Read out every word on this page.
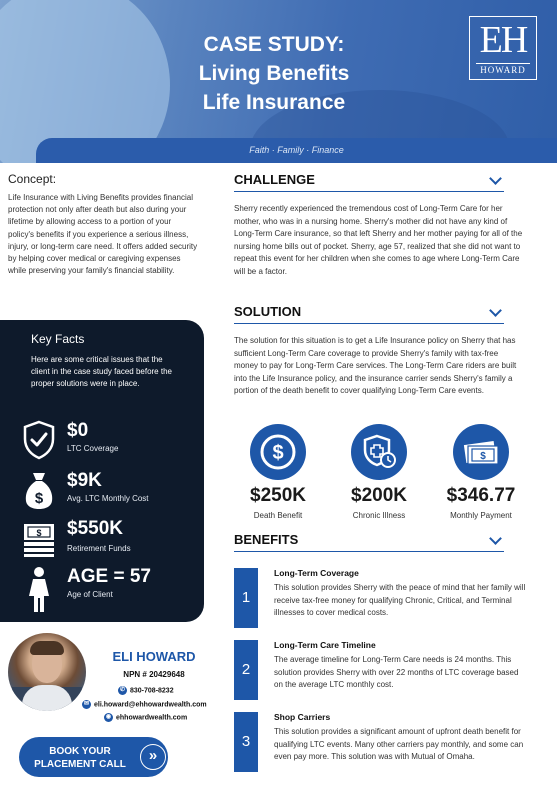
CASE STUDY:
Living Benefits
Life Insurance
EH
HOWARD
Faith · Family · Finance
Concept:
Life Insurance with Living Benefits provides financial protection not only after death but also during your lifetime by allowing access to a portion of your policy's benefits if you experience a serious illness, injury, or long-term care need. It offers added security by helping cover medical or caregiving expenses while preserving your family's financial stability.
Key Facts
Here are some critical issues that the client in the case study faced before the proper solutions were in place.
$0
LTC Coverage
$
$9K
Avg. LTC Monthly Cost
$ $550K
Retirement Funds
AGE = 57
Age of Client
ELI HOWARD
NPN # 20429648
✆ 830-708-8232
✉ eli.howard@ehhowardwealth.com
◉ ehhowardwealth.com
BOOK YOUR
PLACEMENT CALL
»
CHALLENGE
Sherry recently experienced the tremendous cost of Long-Term Care for her mother, who was in a nursing home. Sherry's mother did not have any kind of Long-Term Care insurance, so that left Sherry and her mother paying for all of the nursing home bills out of pocket. Sherry, age 57, realized that she did not want to repeat this event for her children when she comes to age where Long-Term Care will be a factor.
SOLUTION
The solution for this situation is to get a Life Insurance policy on Sherry that has sufficient Long-Term Care coverage to provide Sherry's family with tax-free money to pay for Long-Term Care services. The Long-Term Care riders are built into the Life Insurance policy, and the insurance carrier sends Sherry's family a portion of the death benefit to cover qualifying Long-Term Care events.
$
$250K
Death Benefit
$200K
Chronic Illness
$
$346.77
Monthly Payment
BENEFITS
1
Long-Term Coverage
This solution provides Sherry with the peace of mind that her family will receive tax-free money for qualifying Chronic, Critical, and Terminal illnesses to cover medical costs.
2
Long-Term Care Timeline
The average timeline for Long-Term Care needs is 24 months. This solution provides Sherry with over 22 months of LTC coverage based on the average LTC monthly cost.
3
Shop Carriers
This solution provides a significant amount of upfront death benefit for qualifying LTC events. Many other carriers pay monthly, and some can even pay more. This solution was with Mutual of Omaha.
